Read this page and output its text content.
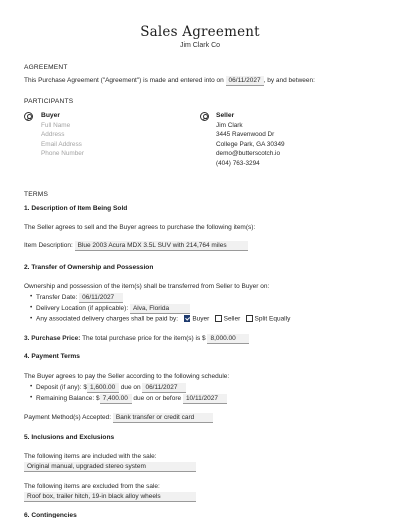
Sales Agreement
Jim Clark Co
AGREEMENT
This Purchase Agreement ("Agreement") is made and entered into on 06/11/2027 , by and between:
PARTICIPANTS
Buyer
Full Name
Address
Email Address
Phone Number
Seller
Jim Clark
3445 Ravenwood Dr
College Park, GA 30349
demo@butterscotch.io
(404) 763-3294
TERMS
1. Description of Item Being Sold
The Seller agrees to sell and the Buyer agrees to purchase the following item(s):
Item Description: Blue 2003 Acura MDX 3.5L SUV with 214,764 miles
2. Transfer of Ownership and Possession
Ownership and possession of the item(s) shall be transferred from Seller to Buyer on:
• Transfer Date: 06/11/2027
• Delivery Location (if applicable): Alva, Florida
• Any associated delivery charges shall be paid by: Buyer Seller Split Equally
3. Purchase Price: The total purchase price for the item(s) is $ 8,000.00
4. Payment Terms
The Buyer agrees to pay the Seller according to the following schedule:
• Deposit (if any): $ 1,600.00 due on 06/11/2027
• Remaining Balance: $ 7,400.00 due on or before 10/11/2027
Payment Method(s) Accepted: Bank transfer or credit card
5. Inclusions and Exclusions
The following items are included with the sale:
Original manual, upgraded stereo system
The following items are excluded from the sale:
Roof box, trailer hitch, 19-in black alloy wheels
6. Contingencies
